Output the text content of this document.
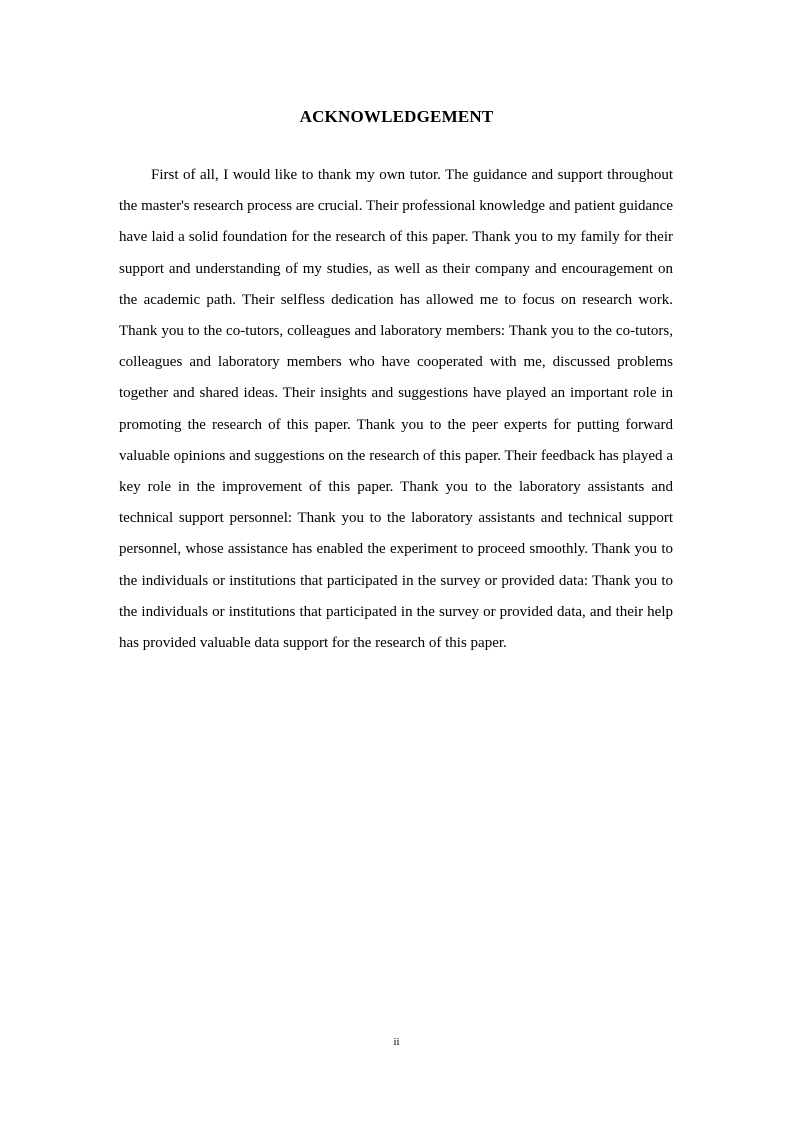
ACKNOWLEDGEMENT

First of all, I would like to thank my own tutor. The guidance and support throughout the master's research process are crucial. Their professional knowledge and patient guidance have laid a solid foundation for the research of this paper. Thank you to my family for their support and understanding of my studies, as well as their company and encouragement on the academic path. Their selfless dedication has allowed me to focus on research work. Thank you to the co-tutors, colleagues and laboratory members: Thank you to the co-tutors, colleagues and laboratory members who have cooperated with me, discussed problems together and shared ideas. Their insights and suggestions have played an important role in promoting the research of this paper. Thank you to the peer experts for putting forward valuable opinions and suggestions on the research of this paper. Their feedback has played a key role in the improvement of this paper. Thank you to the laboratory assistants and technical support personnel: Thank you to the laboratory assistants and technical support personnel, whose assistance has enabled the experiment to proceed smoothly. Thank you to the individuals or institutions that participated in the survey or provided data: Thank you to the individuals or institutions that participated in the survey or provided data, and their help has provided valuable data support for the research of this paper.

ii
